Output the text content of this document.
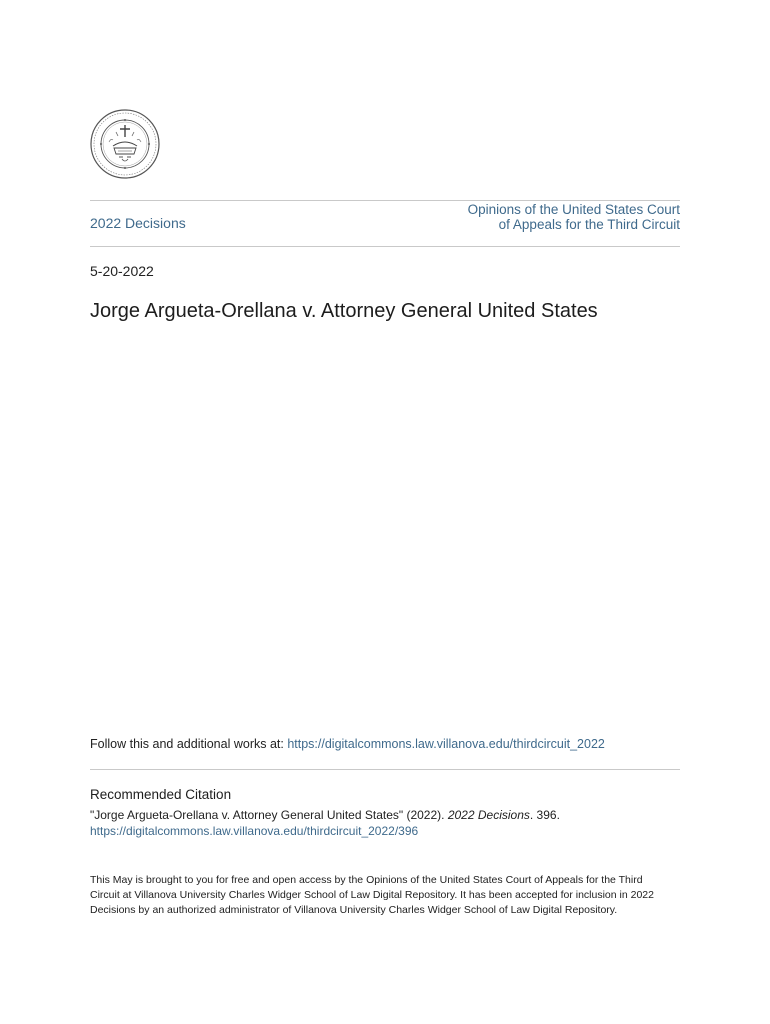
2022 Decisions
Opinions of the United States Court of Appeals for the Third Circuit
5-20-2022
Jorge Argueta-Orellana v. Attorney General United States
Follow this and additional works at: https://digitalcommons.law.villanova.edu/thirdcircuit_2022
Recommended Citation
"Jorge Argueta-Orellana v. Attorney General United States" (2022). 2022 Decisions. 396.
https://digitalcommons.law.villanova.edu/thirdcircuit_2022/396
This May is brought to you for free and open access by the Opinions of the United States Court of Appeals for the Third Circuit at Villanova University Charles Widger School of Law Digital Repository. It has been accepted for inclusion in 2022 Decisions by an authorized administrator of Villanova University Charles Widger School of Law Digital Repository.
